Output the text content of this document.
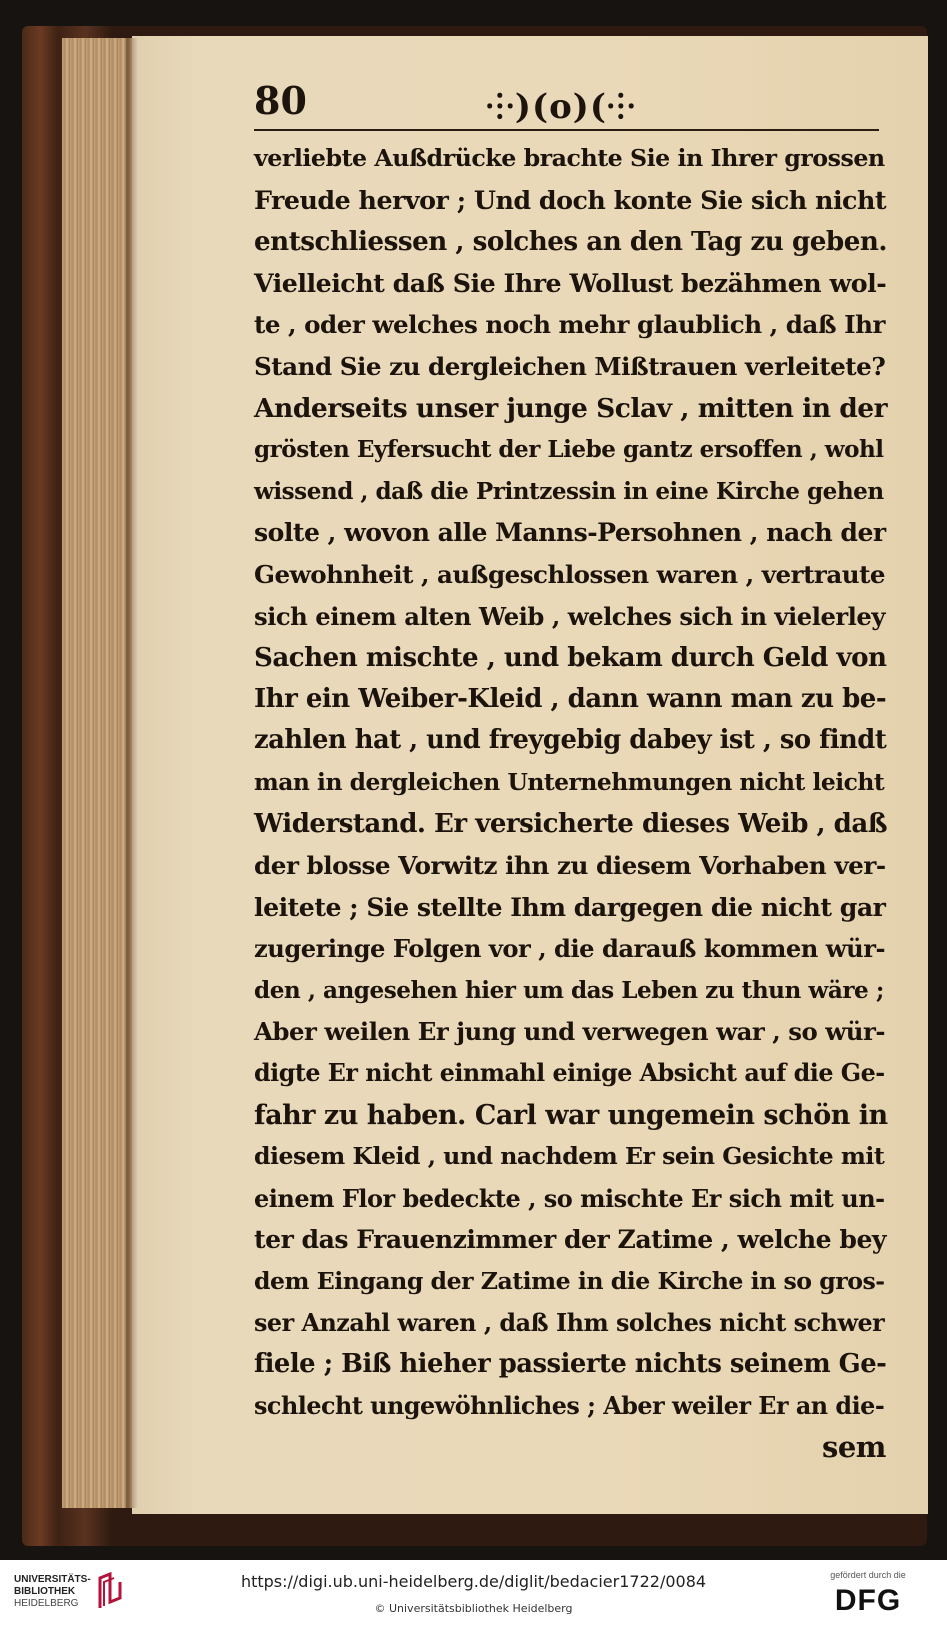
80	⸭)(o)(⸭
verliebte Außdrücke brachte Sie in Ihrer grossen
Freude hervor ; Und doch konte Sie sich nicht
entschliessen , solches an den Tag zu geben.
Vielleicht daß Sie Ihre Wollust bezähmen wol-
te , oder welches noch mehr glaublich , daß Ihr
Stand Sie zu dergleichen Mißtrauen verleitete?
Anderseits unser junge Sclav , mitten in der
grösten Eyfersucht der Liebe gantz ersoffen , wohl
wissend , daß die Printzessin in eine Kirche gehen
solte , wovon alle Manns-Persohnen , nach der
Gewohnheit , außgeschlossen waren , vertraute
sich einem alten Weib , welches sich in vielerley
Sachen mischte , und bekam durch Geld von
Ihr ein Weiber-Kleid , dann wann man zu be-
zahlen hat , und freygebig dabey ist , so findt
man in dergleichen Unternehmungen nicht leicht
Widerstand. Er versicherte dieses Weib , daß
der blosse Vorwitz ihn zu diesem Vorhaben ver-
leitete ; Sie stellte Ihm dargegen die nicht gar
zugeringe Folgen vor , die darauß kommen wür-
den , angesehen hier um das Leben zu thun wäre ;
Aber weilen Er jung und verwegen war , so wür-
digte Er nicht einmahl einige Absicht auf die Ge-
fahr zu haben. Carl war ungemein schön in
diesem Kleid , und nachdem Er sein Gesichte mit
einem Flor bedeckte , so mischte Er sich mit un-
ter das Frauenzimmer der Zatime , welche bey
dem Eingang der Zatime in die Kirche in so gros-
ser Anzahl waren , daß Ihm solches nicht schwer
fiele ; Biß hieher passierte nichts seinem Ge-
schlecht ungewöhnliches ; Aber weiler Er an die-
sem
UNIVERSITÄTS-
BIBLIOTHEK
HEIDELBERG
https://digi.ub.uni-heidelberg.de/diglit/bedacier1722/0084
© Universitätsbibliothek Heidelberg
gefördert durch die
DFG
